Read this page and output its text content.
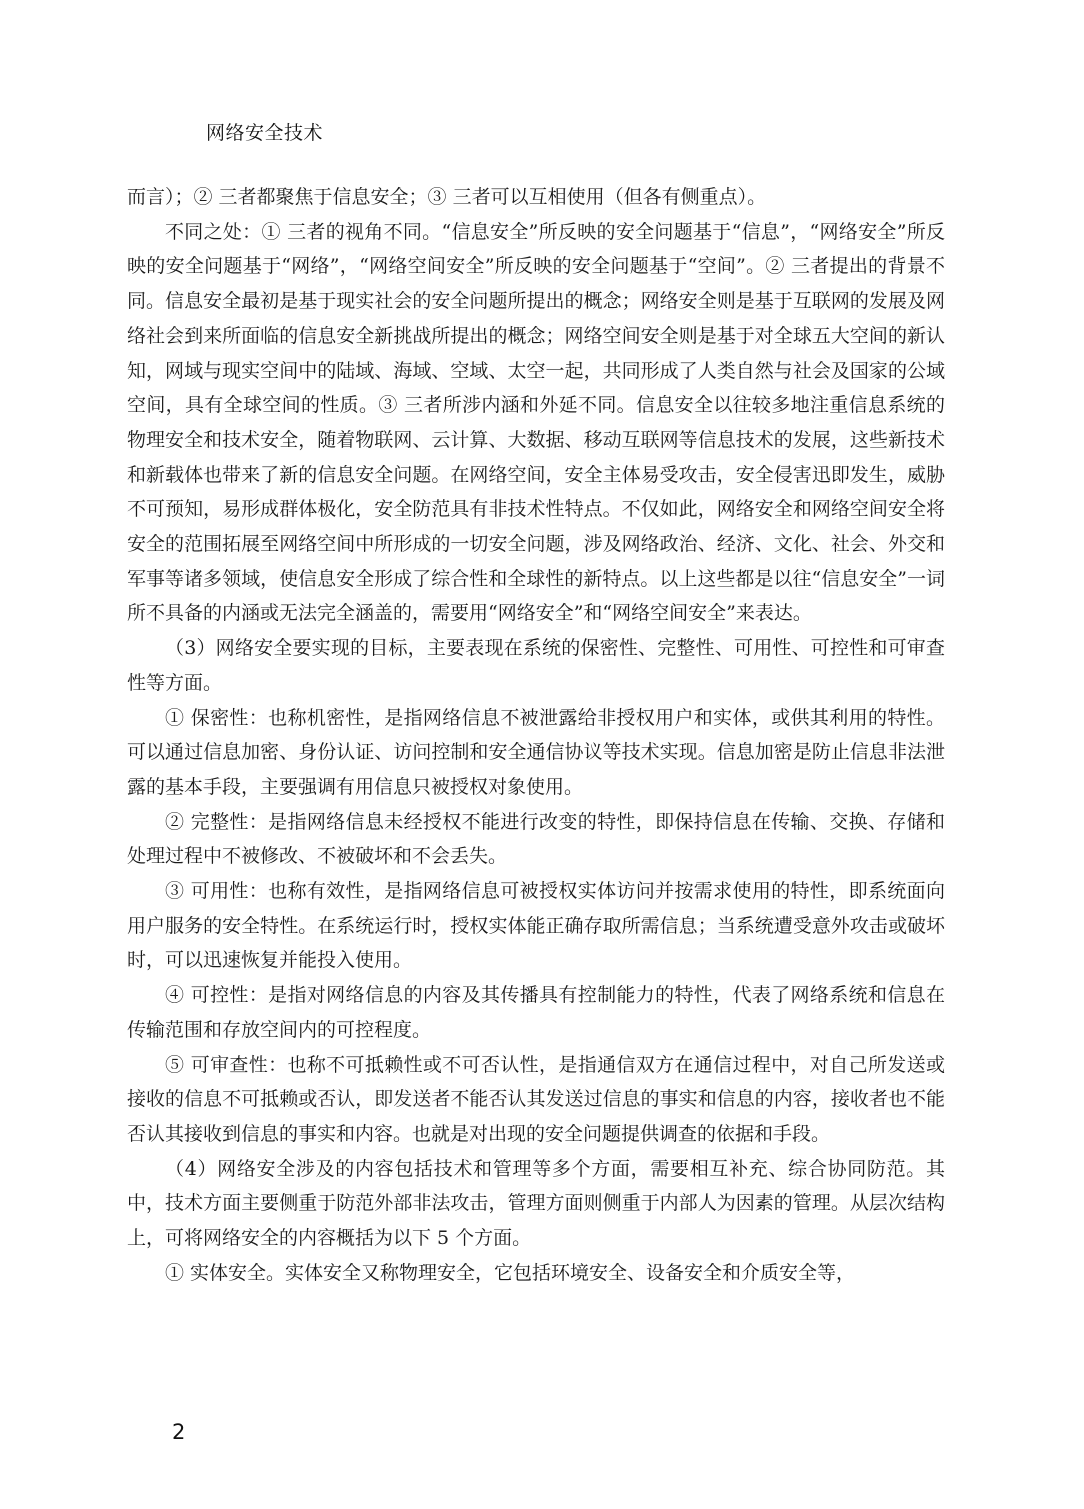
网络安全技术

而言）；② 三者都聚焦于信息安全；③ 三者可以互相使用（但各有侧重点）。

不同之处：① 三者的视角不同。“信息安全”所反映的安全问题基于“信息”，“网络安全”所反映的安全问题基于“网络”，“网络空间安全”所反映的安全问题基于“空间”。② 三者提出的背景不同。信息安全最初是基于现实社会的安全问题所提出的概念；网络安全则是基于互联网的发展及网络社会到来所面临的信息安全新挑战所提出的概念；网络空间安全则是基于对全球五大空间的新认知，网域与现实空间中的陆域、海域、空域、太空一起，共同形成了人类自然与社会及国家的公域空间，具有全球空间的性质。③ 三者所涉内涵和外延不同。信息安全以往较多地注重信息系统的物理安全和技术安全，随着物联网、云计算、大数据、移动互联网等信息技术的发展，这些新技术和新载体也带来了新的信息安全问题。在网络空间，安全主体易受攻击，安全侵害迅即发生，威胁不可预知，易形成群体极化，安全防范具有非技术性特点。不仅如此，网络安全和网络空间安全将安全的范围拓展至网络空间中所形成的一切安全问题，涉及网络政治、经济、文化、社会、外交和军事等诸多领域，使信息安全形成了综合性和全球性的新特点。以上这些都是以往“信息安全”一词所不具备的内涵或无法完全涵盖的，需要用“网络安全”和“网络空间安全”来表达。

（3）网络安全要实现的目标，主要表现在系统的保密性、完整性、可用性、可控性和可审查性等方面。

① 保密性：也称机密性，是指网络信息不被泄露给非授权用户和实体，或供其利用的特性。可以通过信息加密、身份认证、访问控制和安全通信协议等技术实现。信息加密是防止信息非法泄露的基本手段，主要强调有用信息只被授权对象使用。

② 完整性：是指网络信息未经授权不能进行改变的特性，即保持信息在传输、交换、存储和处理过程中不被修改、不被破坏和不会丢失。

③ 可用性：也称有效性，是指网络信息可被授权实体访问并按需求使用的特性，即系统面向用户服务的安全特性。在系统运行时，授权实体能正确存取所需信息；当系统遭受意外攻击或破坏时，可以迅速恢复并能投入使用。

④ 可控性：是指对网络信息的内容及其传播具有控制能力的特性，代表了网络系统和信息在传输范围和存放空间内的可控程度。

⑤ 可审查性：也称不可抵赖性或不可否认性，是指通信双方在通信过程中，对自己所发送或接收的信息不可抵赖或否认，即发送者不能否认其发送过信息的事实和信息的内容，接收者也不能否认其接收到信息的事实和内容。也就是对出现的安全问题提供调查的依据和手段。

（4）网络安全涉及的内容包括技术和管理等多个方面，需要相互补充、综合协同防范。其中，技术方面主要侧重于防范外部非法攻击，管理方面则侧重于内部人为因素的管理。从层次结构上，可将网络安全的内容概括为以下 5 个方面。

① 实体安全。实体安全又称物理安全，它包括环境安全、设备安全和介质安全等，

2
